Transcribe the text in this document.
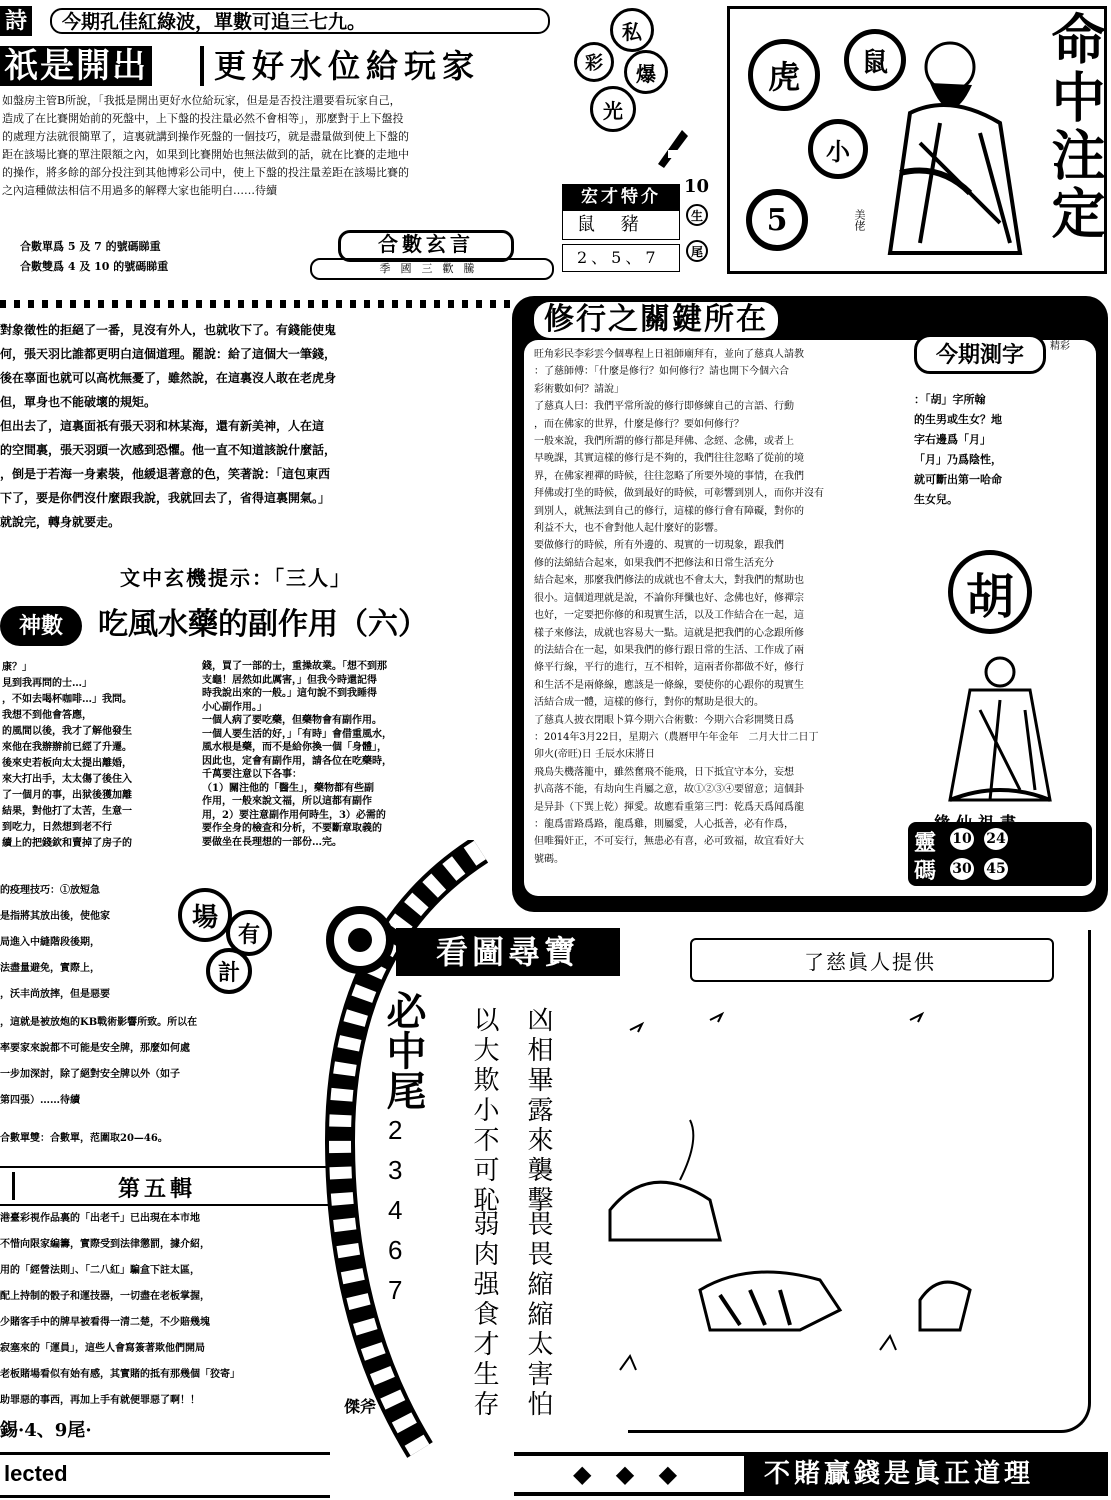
詩	今期孔佳紅綠波，單數可追三七九。
祇是開出	更好水位給玩家
如盤房主管B所說，「我抵是開出更好水位給玩家，但是是否投注還要看玩家自己，
造成了在比賽開始前的死盤中，上下盤的投注量必然不會相等」，那麼對于上下盤投
的處理方法就很簡單了，這裏就講到操作死盤的一個技巧，就是盡量做到使上下盤的
距在該場比賽的單注限額之內，如果到比賽開始也無法做到的話，就在比賽的走地中
的操作，將多餘的部分投注到其他博彩公司中，使上下盤的投注量差距在該場比賽的
之內這種做法相信不用過多的解釋大家也能明白……待續
合數單爲 5 及 7 的號碼睇重
合數雙爲 4 及 10 的號碼睇重
合數玄言
季國三歡騰
私
彩	爆
光
宏才特介	10
鼠 豬
2、5、7
生
尾
虎	鼠
小
5	美佬	命中注定
對象徵性的拒絕了一番，見沒有外人，也就收下了。有錢能使鬼
何，張天羽比誰都更明白這個道理。罷說：給了這個大一筆錢，
後在辜面也就可以高枕無憂了，雖然說，在這裏沒人敢在老虎身
但，單身也不能破壞的規矩。
但出去了，這裏面祇有張天羽和林某海，還有新美神，人在這
的空間裏，張天羽頭一次感到恐懼。他一直不知道該說什麼話，
，倒是于若海一身素裝，他緩退著意的色，笑著說：「這包東西
下了，要是你們沒什麼跟我說，我就回去了，省得這裏開氣。」
就說完，轉身就要走。
文中玄機提示：「三人」
神數	吃風水藥的副作用（六）
康？」
見到我再問的士…」
，不如去喝杯咖啡…」我問。
我想不到他會答應，
的風間以後，我才了解他發生
來他在我辦辦前已經了升遷。
後來史若板向太太提出離婚，
來大打出手，太太傷了後住入
了一個月的事，出狱後獲加離
結果，對他打了太苦，生意一
到吃力，日然想到老不行
續上的把錢欽和賣掉了房子的
錢，買了一部的士，重操故業。「想不到那
支龜！居然如此厲害，」但我今時還記得
時我說出來的一般。」這句說不到我睡得
小心副作用。」
一個人病了要吃藥，但藥物會有副作用。
一個人要生活的好，」「有時」會借重風水，
風水根是藥，而不是給你換一個「身體」，
因此也，定會有副作用，請各位在吃藥時，
千萬要注意以下各事：
（1）關注他的「醫生」，藥物都有些副
作用，一般來說文福，所以這都有副作
用，2）要注意副作用何時生，3）必需的
要作全身的檢查和分析，不要斷章取義的
要做坐在長理想的一部份…完。
修行之關鍵所在
旺角彩民李彩雲今個專程上日祖師廟拜有，並向了慈真人請教
：了慈師傅：「什麼是修行？如何修行？請也開下今個六合
彩術數如何？請說」
了慈真人曰：我們平常所說的修行即修練自己的言語、行動
，而在佛家的世界，什麼是修行？要如何修行？
一般來說，我們所謂的修行都是拜佛、念經、念佛，或者上
早晚課，其實這樣的修行是不夠的，我們往往忽略了從前的境
界，在佛家裡禪的時候，往往忽略了所要外境的事情，在我們
拜佛或打坐的時候，做到最好的時候，可彰響到別人，而你并沒有
到別人，就無法到自己的修行，這樣的修行會有障礙，對你的
利益不大，也不會對他人起什麼好的影響。
要做修行的時候，所有外邊的、現實的一切現象，跟我們
修的法綿結合起來，如果我們不把修法和日常生活充分
結合起來，那麼我們修法的成就也不會太大，對我們的幫助也
很小。這個道理就是說，不論你拜懺也好、念佛也好，修禪宗
也好，一定要把你修的和現實生活，以及工作結合在一起，這
樣子來修法，成就也容易大一點。這就是把我們的心念跟所修
的法結合在一起，如果我們的修行跟日常的生活、工作成了兩
條平行線，平行的進行，互不相幹，這兩者你都做不好，修行
和生活不是兩條線，應該是一條線，要使你的心跟你的現實生
活結合成一體，這樣的修行，對你的幫助是很大的。
了慈真人披衣閉眼卜算今期六合術數：今期六合彩開獎日爲
：2014年3月22日，星期六（農曆甲午年金年　二月大廿二日丁
卯火(帝旺)日 壬辰水床將日
飛鳥失機落籠中，雖然奮飛不能飛，日下抵宜守本分，妄想
扒高落不能，有劫向生肖屬之意，故①②③④要留意；這個卦
是异卦（下巽上乾）揮愛。故應看重第三門：乾爲天爲闻爲龍
：龍爲雷路爲路，龍爲雞，則屬愛，人心抵善，必有作爲，
但唯獨奸正，不可妄行，無患必有喜，必可致福，故宜看好大
號碼。
今期測字	精彩
：「胡」字所翰
的生男或生女？地
字右邊爲「月」
「月」乃爲陰性，
就可斷出第一哈命
生女兒。
胡
靈
碼
10	24
30	45
的疫理技巧：①放短急
是指將其放出後，使他家
局進入中縫階段後期，
法盡量避免，實際上，
，沃丰尚放摔，但是惡要
，這就是被放炮的KB戰術影響所致。所以在
率要家來說都不可能是安全牌，那麼如何處
一步加深討，除了絕對安全牌以外（如子
第四張）……待續
場
有
計
合數單雙：合數單，范圍取20—46。
第五輯
港臺彩視作品裏的「出老千」已出現在本市地
不惜向限家編籌，實際受到法律懲罰，據介紹，
用的「經營法則」、「二八紅」騙盒下註太區，
配上持制的骰子和運技器，一切盡在老板掌握，
少賭客手中的牌早被看得一清二楚，不少賠幾塊
寂塞來的「運員」，這些人會寫簽著欺他們開局
老板賭場看似有始有感，其實賭的抵有那幾個「狡寄」
助罪惡的事西，再加上手有就便罪惡了啊！！
錫·4、9尾·
lected
看圖尋寶	了慈眞人提供
必中尾
2
3
4
6
7
凶相畢露來襲擊
畏畏縮縮太害怕
以大欺小不可恥
弱肉强食才生存
傑斧
◆ ◆ ◆	不賭贏錢是眞正道理
